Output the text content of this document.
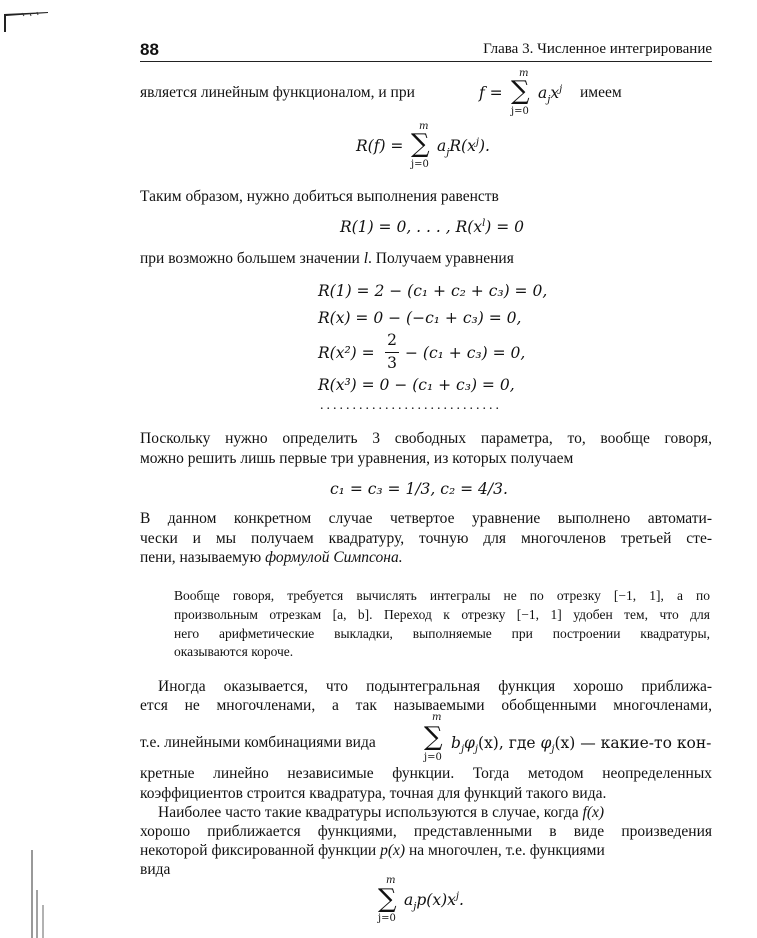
88	Глава 3. Численное интегрирование
является линейным функционалом, и при	f =
m
∑
j=0
$a_jx^j$ имеем
R(f) =
m
∑
j=0
$a_jR(x^j)$.
Таким образом, нужно добиться выполнения равенств
R(1) = 0, . . . , $R(x^l) = 0$
при возможно большем значении l. Получаем уравнения
R(1) = 2 − (c₁ + c₂ + c₃) = 0,
R(x) = 0 − (−c₁ + c₃) = 0,
R(x²) =
2
3
− (c₁ + c₃) = 0,
R(x³) = 0 − (c₁ + c₃) = 0,
............................
Поскольку нужно определить 3 свободных параметра, то, вообще говоря,
можно решить лишь первые три уравнения, из которых получаем
c₁ = c₃ = 1/3, c₂ = 4/3.
В данном конкретном случае четвертое уравнение выполнено автомати-
чески и мы получаем квадратуру, точную для многочленов третьей сте-
пени, называемую формулой Симпсона.
Вообще говоря, требуется вычислять интегралы не по отрезку [−1, 1], а по
произвольным отрезкам [a, b]. Переход к отрезку [−1, 1] удобен тем, что для
него арифметические выкладки, выполняемые при построении квадратуры,
оказываются короче.
Иногда оказывается, что подынтегральная функция хорошо приближа-
ется не многочленами, а так называемыми обобщенными многочленами,
т.е. линейными комбинациями вида
m
∑
j=0
$b_j\varphi_j(x)$, где $\varphi_j(x)$ — какие-то кон-
кретные линейно независимые функции. Тогда методом неопределенных
коэффициентов строится квадратура, точная для функций такого вида.
Наиболее часто такие квадратуры используются в случае, когда f(x)
хорошо приближается функциями, представленными в виде произведения
некоторой фиксированной функции p(x) на многочлен, т.е. функциями
вида
m
∑
j=0
$a_jp(x)x^j$.
